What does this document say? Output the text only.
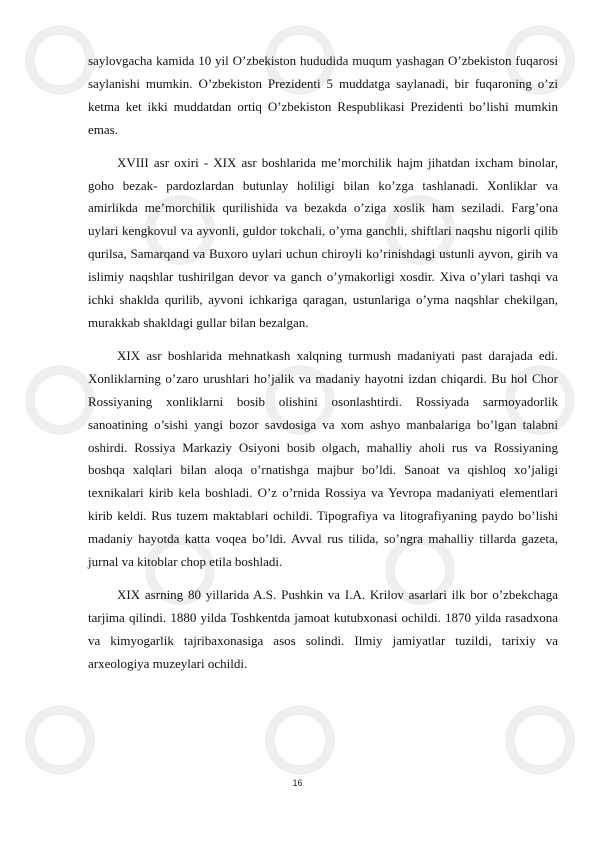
saylovgacha kamida 10 yil O’zbekiston hududida muqum yashagan O’zbekiston fuqarosi saylanishi mumkin. O’zbekiston Prezidenti 5 muddatga saylanadi, bir fuqaroning o’zi ketma ket ikki muddatdan ortiq O’zbekiston Respublikasi Prezidenti bo’lishi mumkin emas.

XVIII asr oxiri - XIX asr boshlarida me’morchilik hajm jihatdan ixcham binolar, goho bezak- pardozlardan butunlay holiligi bilan ko’zga tashlanadi. Xonliklar va amirlikda me’morchilik qurilishida va bezakda o’ziga xoslik ham seziladi. Farg’ona uylari kengkovul va ayvonli, guldor tokchali, o’yma ganchli, shiftlari naqshu nigorli qilib qurilsa, Samarqand va Buxoro uylari uchun chiroyli ko’rinishdagi ustunli ayvon, girih va islimiy naqshlar tushirilgan devor va ganch o’ymakorligi xosdir. Xiva o’ylari tashqi va ichki shaklda qurilib, ayvoni ichkariga qaragan, ustunlariga o’yma naqshlar chekilgan, murakkab shakldagi gullar bilan bezalgan.

XIX asr boshlarida mehnatkash xalqning turmush madaniyati past darajada edi. Xonliklarning o’zaro urushlari ho’jalik va madaniy hayotni izdan chiqardi. Bu hol Chor Rossiyaning xonliklarni bosib olishini osonlashtirdi. Rossiyada sarmoyadorlik sanoatining o’sishi yangi bozor savdosiga va xom ashyo manbalariga bo’lgan talabni oshirdi. Rossiya Markaziy Osiyoni bosib olgach, mahalliy aholi rus va Rossiyaning boshqa xalqlari bilan aloqa o’rnatishga majbur bo’ldi. Sanoat va qishloq xo’jaligi texnikalari kirib kela boshladi. O’z o’rnida Rossiya va Yevropa madaniyati elementlari kirib keldi. Rus tuzem maktablari ochildi. Tipografiya va litografiyaning paydo bo’lishi madaniy hayotda katta voqea bo’ldi. Avval rus tilida, so’ngra mahalliy tillarda gazeta, jurnal va kitoblar chop etila boshladi.

XIX asrning 80 yillarida A.S. Pushkin va I.A. Krilov asarlari ilk bor o’zbekchaga tarjima qilindi. 1880 yilda Toshkentda jamoat kutubxonasi ochildi. 1870 yilda rasadxona va kimyogarlik tajribaxonasiga asos solindi. Ilmiy jamiyatlar tuzildi, tarixiy va arxeologiya muzeylari ochildi.

16
